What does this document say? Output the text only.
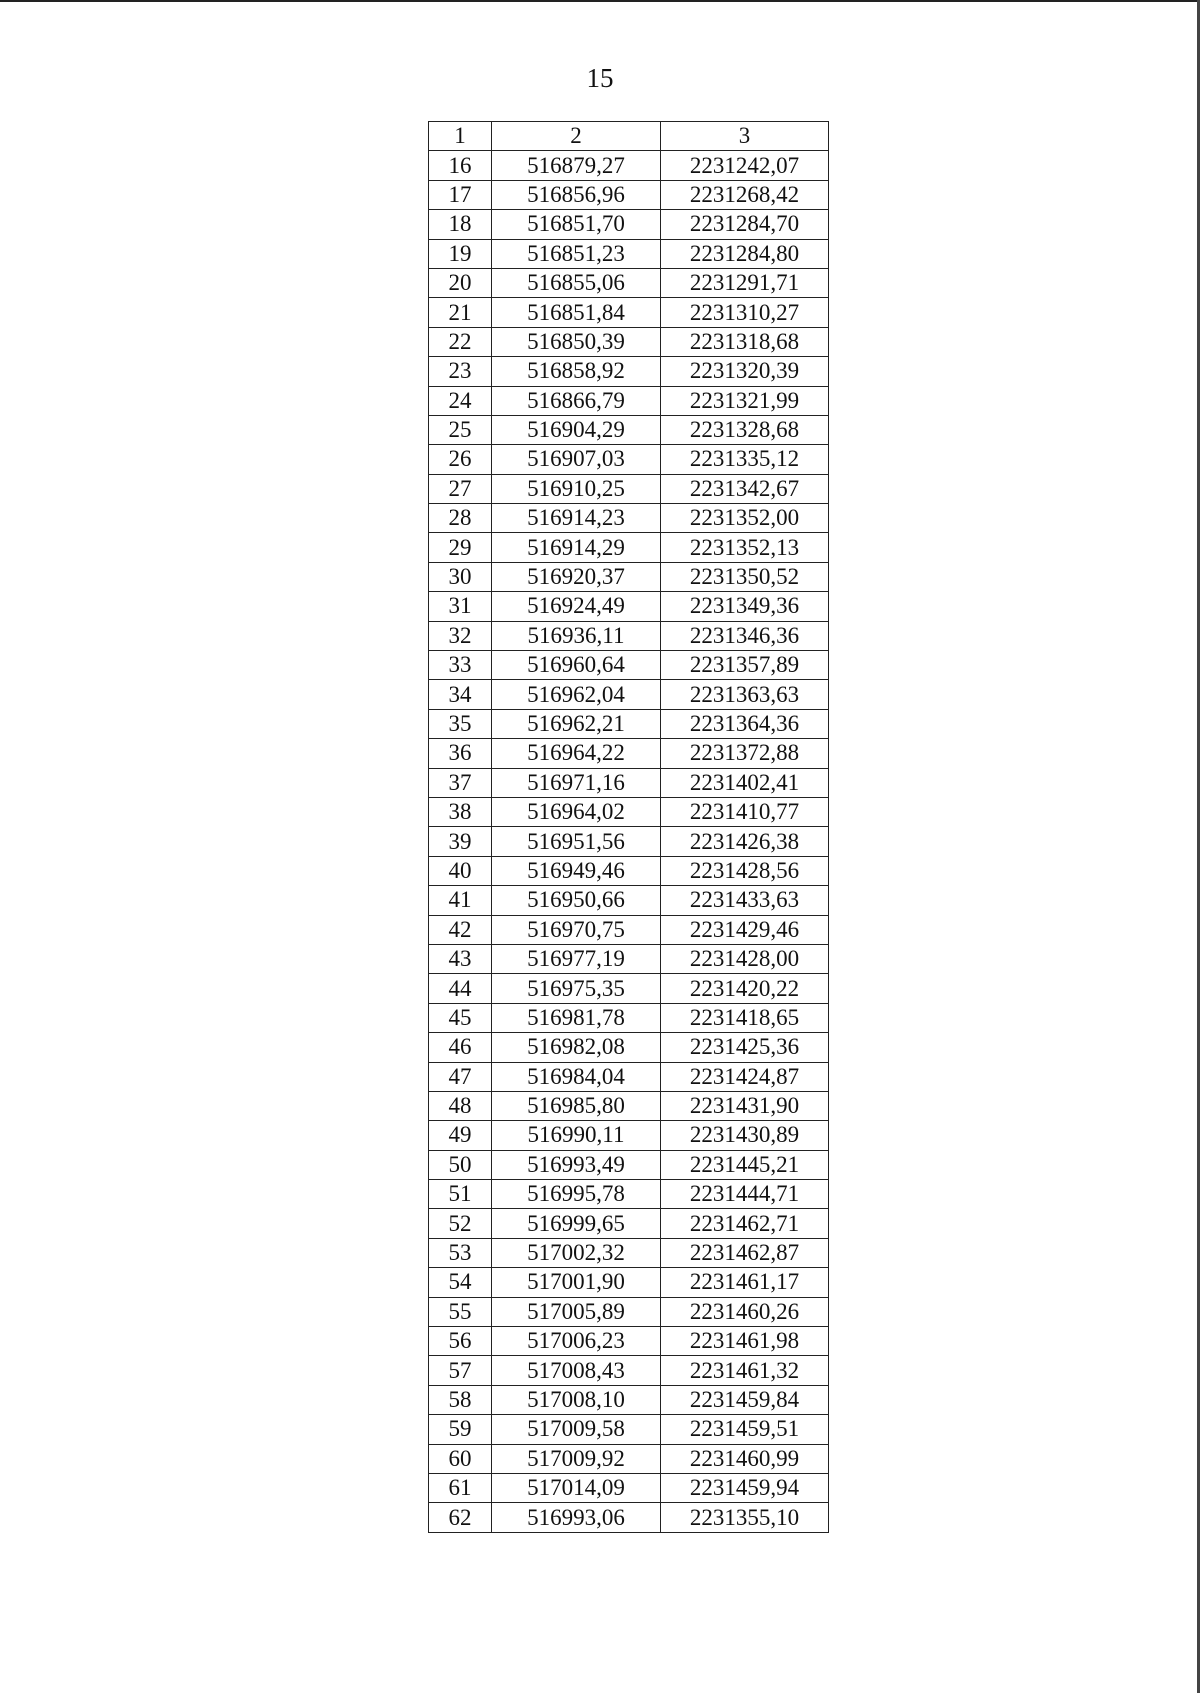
15
1	2	3
16	516879,27	2231242,07
17	516856,96	2231268,42
18	516851,70	2231284,70
19	516851,23	2231284,80
20	516855,06	2231291,71
21	516851,84	2231310,27
22	516850,39	2231318,68
23	516858,92	2231320,39
24	516866,79	2231321,99
25	516904,29	2231328,68
26	516907,03	2231335,12
27	516910,25	2231342,67
28	516914,23	2231352,00
29	516914,29	2231352,13
30	516920,37	2231350,52
31	516924,49	2231349,36
32	516936,11	2231346,36
33	516960,64	2231357,89
34	516962,04	2231363,63
35	516962,21	2231364,36
36	516964,22	2231372,88
37	516971,16	2231402,41
38	516964,02	2231410,77
39	516951,56	2231426,38
40	516949,46	2231428,56
41	516950,66	2231433,63
42	516970,75	2231429,46
43	516977,19	2231428,00
44	516975,35	2231420,22
45	516981,78	2231418,65
46	516982,08	2231425,36
47	516984,04	2231424,87
48	516985,80	2231431,90
49	516990,11	2231430,89
50	516993,49	2231445,21
51	516995,78	2231444,71
52	516999,65	2231462,71
53	517002,32	2231462,87
54	517001,90	2231461,17
55	517005,89	2231460,26
56	517006,23	2231461,98
57	517008,43	2231461,32
58	517008,10	2231459,84
59	517009,58	2231459,51
60	517009,92	2231460,99
61	517014,09	2231459,94
62	516993,06	2231355,10
